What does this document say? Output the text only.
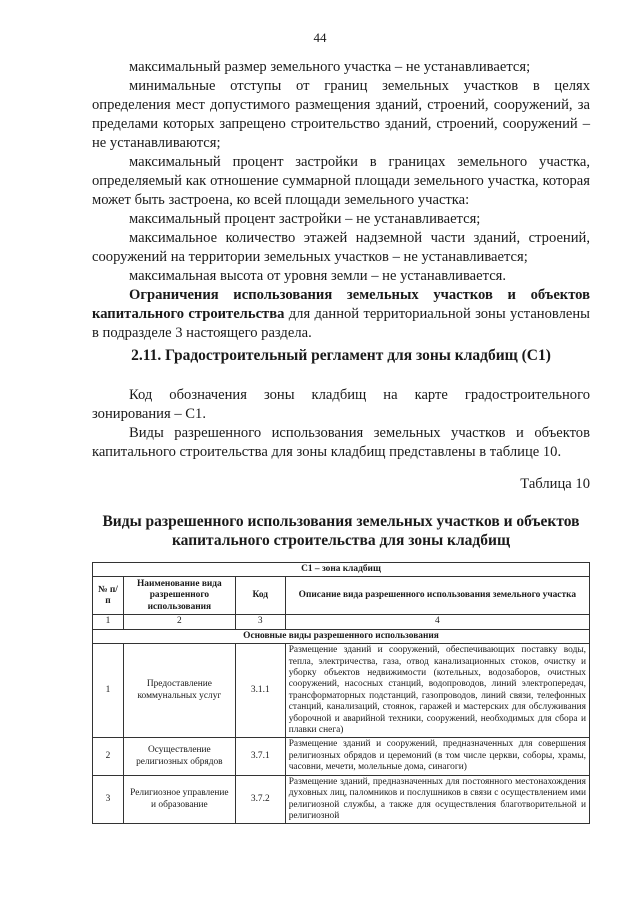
44

максимальный размер земельного участка – не устанавливается;

минимальные отступы от границ земельных участков в целях определения мест допустимого размещения зданий, строений, сооружений, за пределами которых запрещено строительство зданий, строений, сооружений – не устанавливаются;

максимальный процент застройки в границах земельного участка, определяемый как отношение суммарной площади земельного участка, которая может быть застроена, ко всей площади земельного участка:

максимальный процент застройки – не устанавливается;

максимальное количество этажей надземной части зданий, строений, сооружений на территории земельных участков – не устанавливается;

максимальная высота от уровня земли – не устанавливается.

Ограничения использования земельных участков и объектов капитального строительства для данной территориальной зоны установлены в подразделе 3 настоящего раздела.

2.11. Градостроительный регламент для зоны кладбищ (С1)

Код обозначения зоны кладбищ на карте градостроительного зонирования – С1.

Виды разрешенного использования земельных участков и объектов капитального строительства для зоны кладбищ представлены в таблице 10.

Таблица 10
Виды разрешенного использования земельных участков и объектов капитального строительства для зоны кладбищ
С1 – зона кладбищ			
№ п/п	Наименование вида разрешенного использования	Код	Описание вида разрешенного использования земельного участка
1	2	3	4
Основные виды разрешенного использования			
1	Предоставление коммунальных услуг	3.1.1	Размещение зданий и сооружений, обеспечивающих поставку воды, тепла, электричества, газа, отвод канализационных стоков, очистку и уборку объектов недвижимости (котельных, водозаборов, очистных сооружений, насосных станций, водопроводов, линий электропередач, трансформаторных подстанций, газопроводов, линий связи, телефонных станций, канализаций, стоянок, гаражей и мастерских для обслуживания уборочной и аварийной техники, сооружений, необходимых для сбора и плавки снега)
2	Осуществление религиозных обрядов	3.7.1	Размещение зданий и сооружений, предназначенных для совершения религиозных обрядов и церемоний (в том числе церкви, соборы, храмы, часовни, мечети, молельные дома, синагоги)
3	Религиозное управление и образование	3.7.2	Размещение зданий, предназначенных для постоянного местонахождения духовных лиц, паломников и послушников в связи с осуществлением ими религиозной службы, а также для осуществления благотворительной и религиозной
